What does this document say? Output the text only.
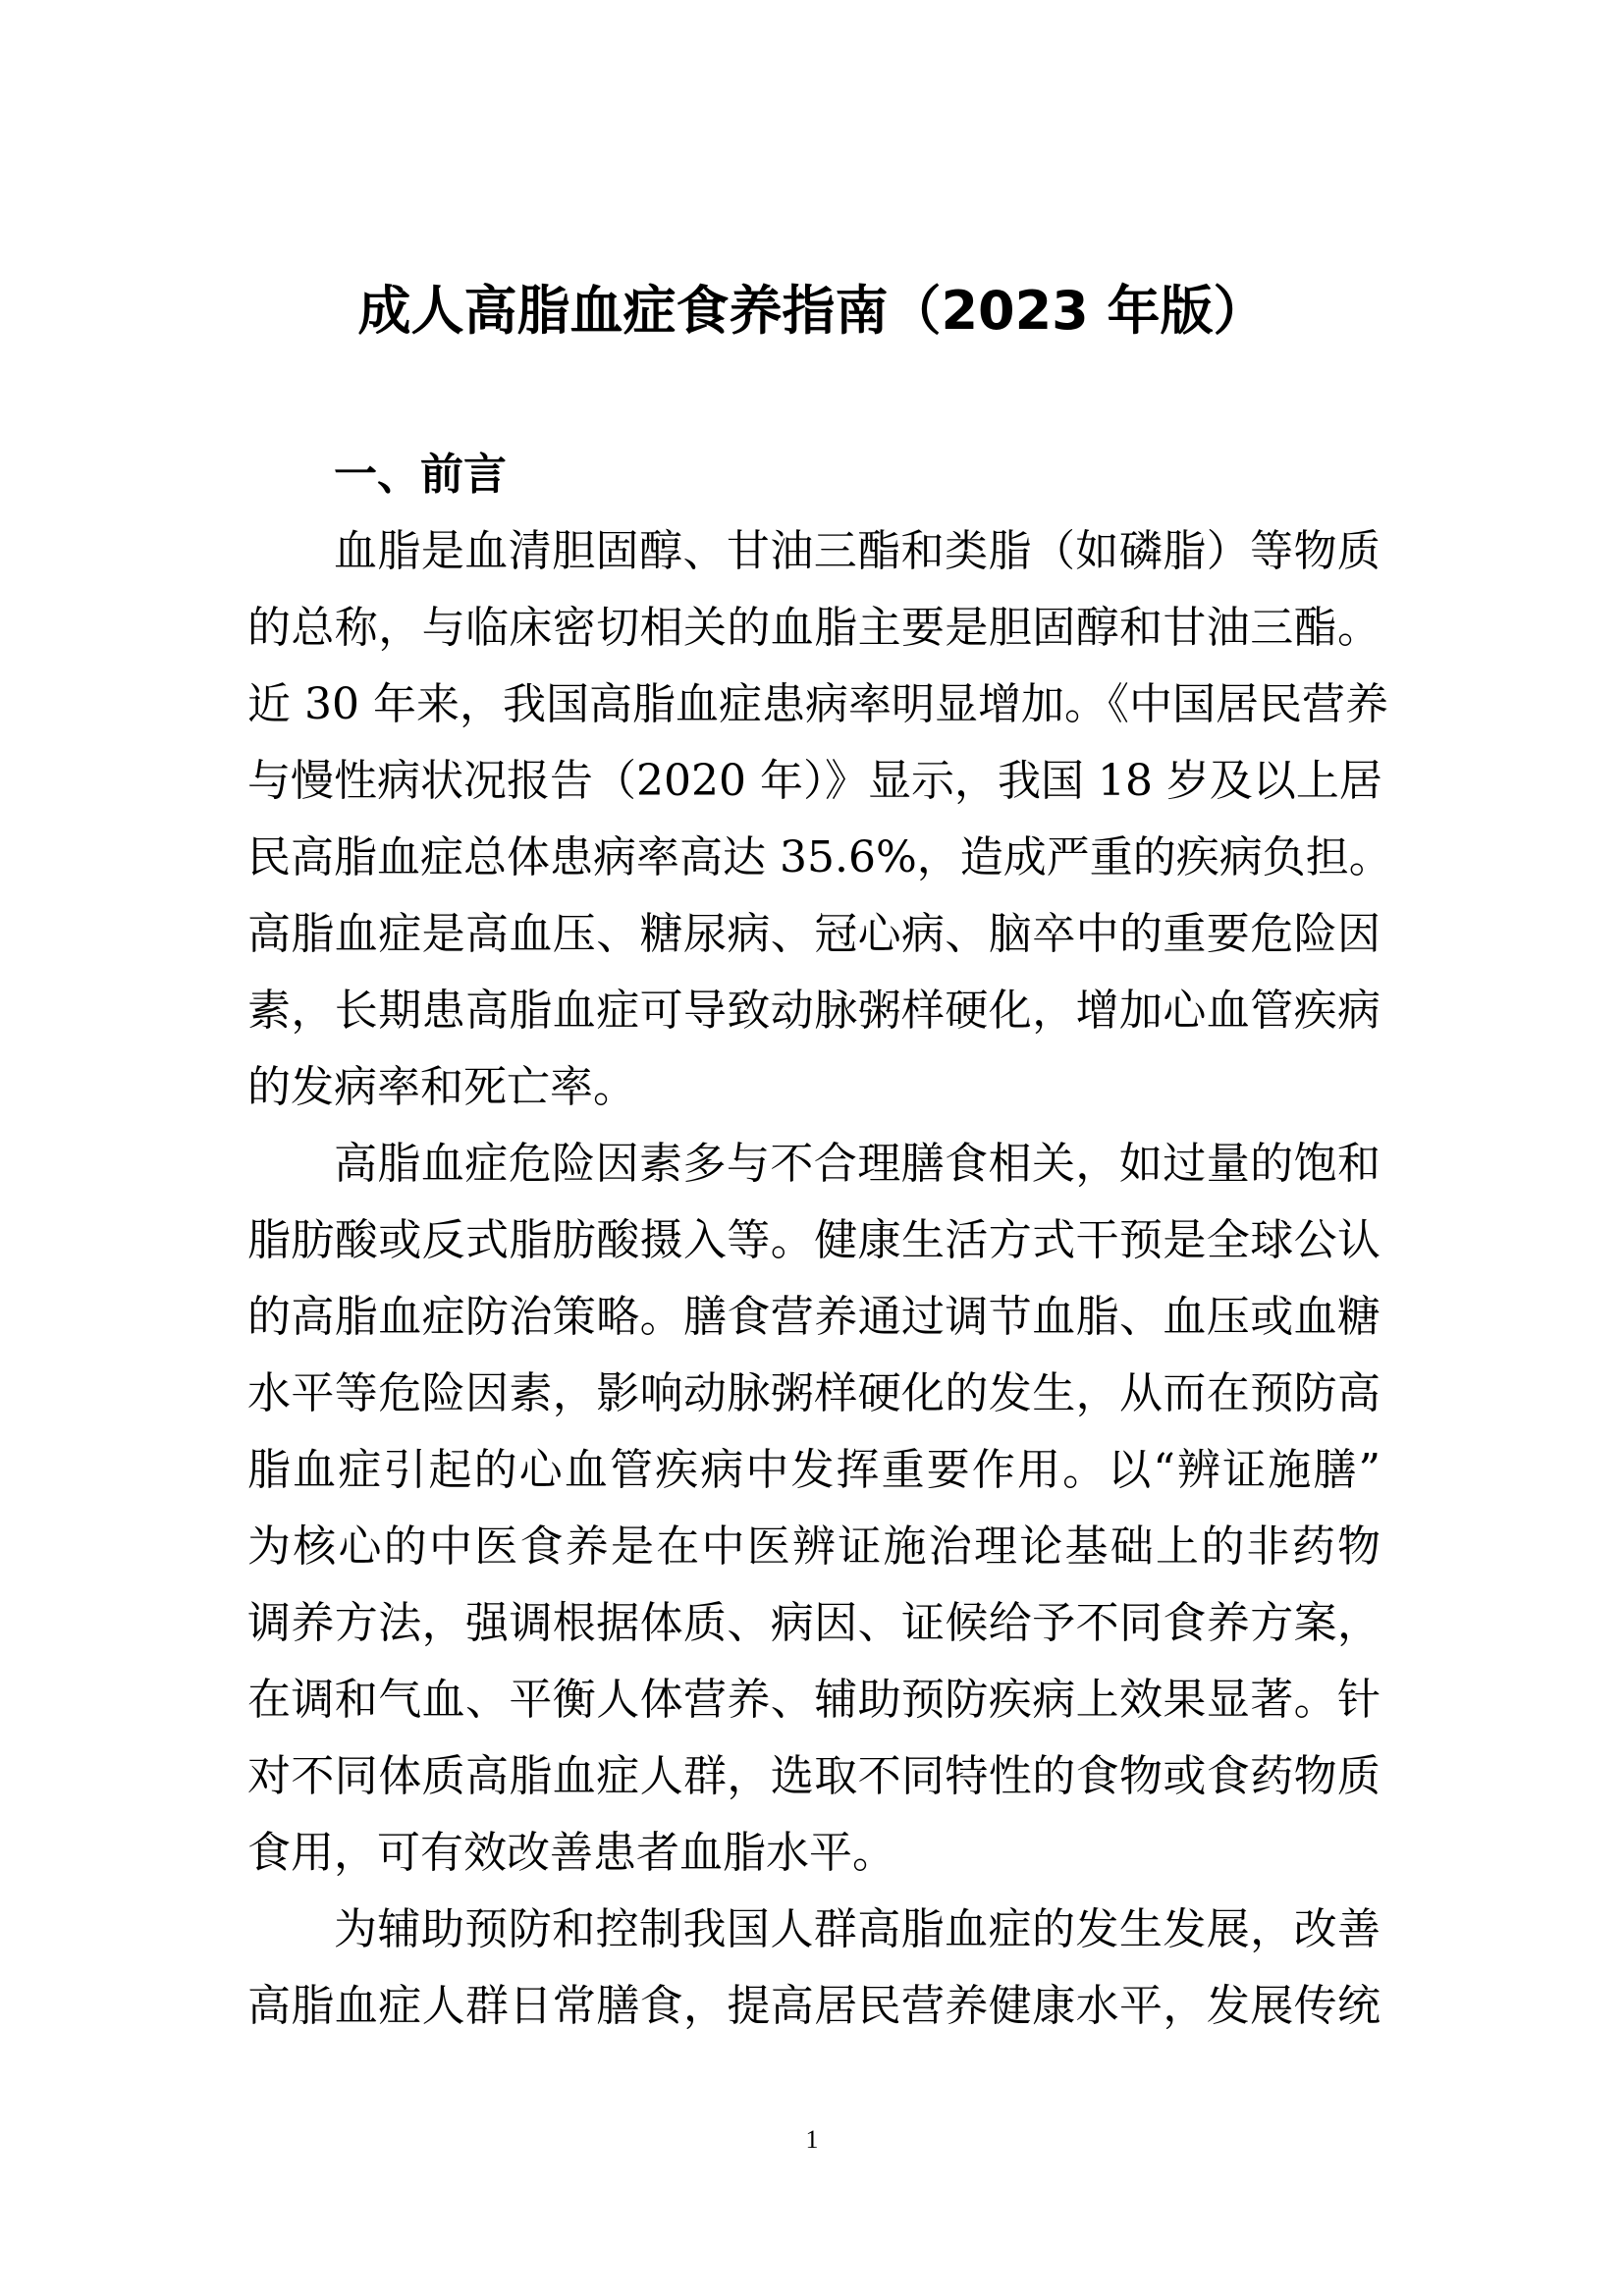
成人高脂血症食养指南（2023 年版）
一、前言

血脂是血清胆固醇、甘油三酯和类脂（如磷脂）等物质

的总称，与临床密切相关的血脂主要是胆固醇和甘油三酯。

近 30 年来，我国高脂血症患病率明显增加。《中国居民营养

与慢性病状况报告（2020 年）》显示，我国 18 岁及以上居

民高脂血症总体患病率高达 35.6%，造成严重的疾病负担。

高脂血症是高血压、糖尿病、冠心病、脑卒中的重要危险因

素，长期患高脂血症可导致动脉粥样硬化，增加心血管疾病

的发病率和死亡率。

高脂血症危险因素多与不合理膳食相关，如过量的饱和

脂肪酸或反式脂肪酸摄入等。健康生活方式干预是全球公认

的高脂血症防治策略。膳食营养通过调节血脂、血压或血糖

水平等危险因素，影响动脉粥样硬化的发生，从而在预防高

脂血症引起的心血管疾病中发挥重要作用。以“辨证施膳”

为核心的中医食养是在中医辨证施治理论基础上的非药物

调养方法，强调根据体质、病因、证候给予不同食养方案，

在调和气血、平衡人体营养、辅助预防疾病上效果显著。针

对不同体质高脂血症人群，选取不同特性的食物或食药物质

食用，可有效改善患者血脂水平。

为辅助预防和控制我国人群高脂血症的发生发展，改善

高脂血症人群日常膳食，提高居民营养健康水平，发展传统

1
